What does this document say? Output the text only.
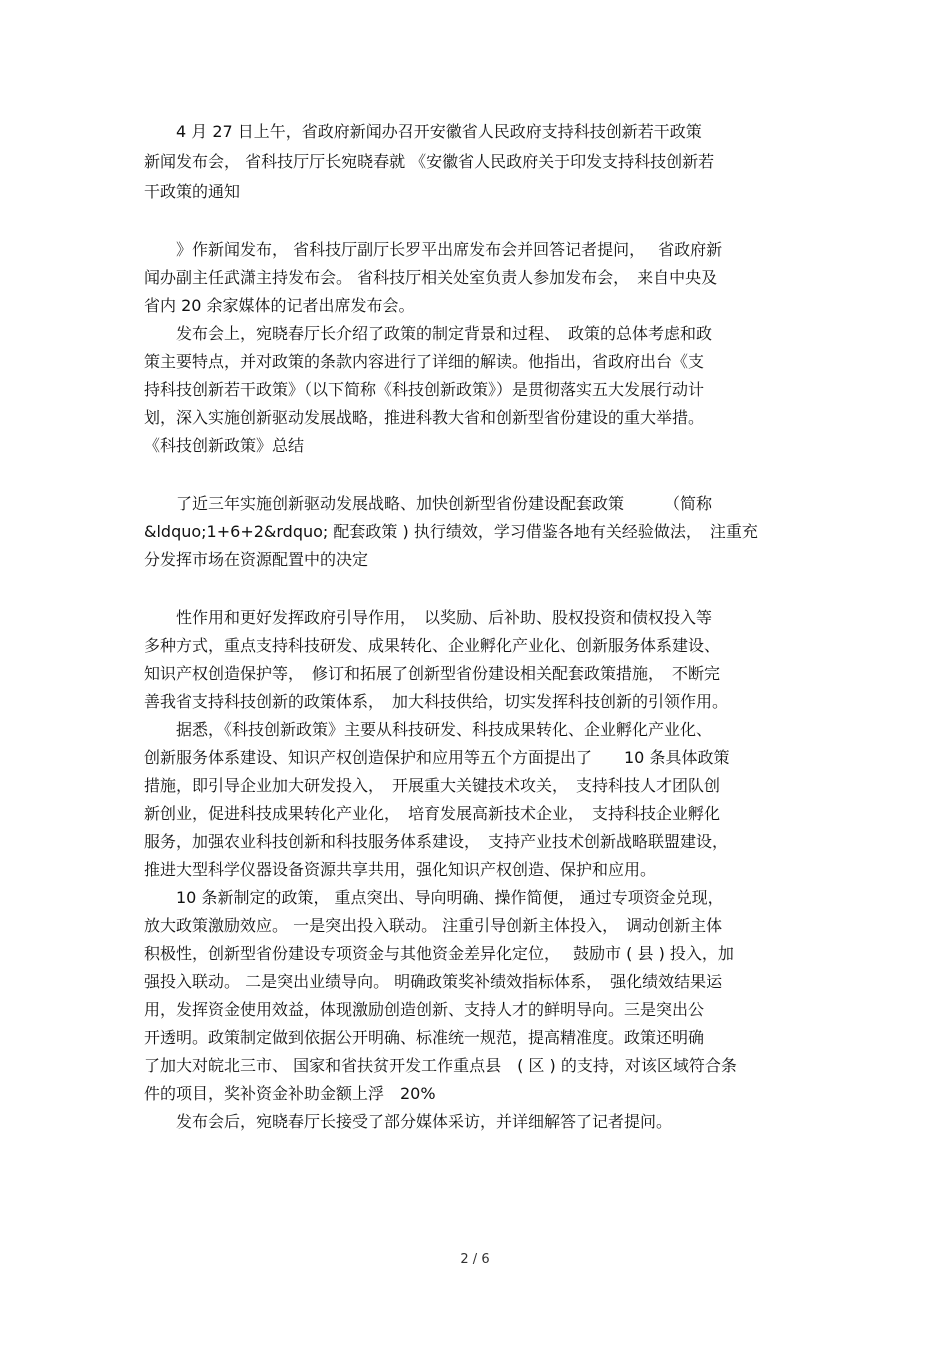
　　4 月 27 日上午，省政府新闻办召开安徽省人民政府支持科技创新若干政策
新闻发布会， 省科技厅厅长宛晓春就 《安徽省人民政府关于印发支持科技创新若
干政策的通知
　　》作新闻发布， 省科技厅副厅长罗平出席发布会并回答记者提问，　 省政府新
闻办副主任武潇主持发布会。 省科技厅相关处室负责人参加发布会，　来自中央及
省内 20 余家媒体的记者出席发布会。
　　发布会上，宛晓春厅长介绍了政策的制定背景和过程、　政策的总体考虑和政
策主要特点，并对政策的条款内容进行了详细的解读。他指出，省政府出台《支
持科技创新若干政策》（以下简称《科技创新政策》）是贯彻落实五大发展行动计
划，深入实施创新驱动发展战略，推进科教大省和创新型省份建设的重大举措。
《科技创新政策》总结
　　了近三年实施创新驱动发展战略、加快创新型省份建设配套政策　　　（简称
&ldquo;1+6+2&rdquo; 配套政策 ) 执行绩效，学习借鉴各地有关经验做法，　注重充
分发挥市场在资源配置中的决定
　　性作用和更好发挥政府引导作用，　以奖励、后补助、股权投资和债权投入等
多种方式，重点支持科技研发、成果转化、企业孵化产业化、创新服务体系建设、
知识产权创造保护等，　修订和拓展了创新型省份建设相关配套政策措施，　不断完
善我省支持科技创新的政策体系，　加大科技供给，切实发挥科技创新的引领作用。
　　据悉，《科技创新政策》主要从科技研发、科技成果转化、企业孵化产业化、
创新服务体系建设、知识产权创造保护和应用等五个方面提出了　　10 条具体政策
措施，即引导企业加大研发投入，　开展重大关键技术攻关，　支持科技人才团队创
新创业，促进科技成果转化产业化，　培育发展高新技术企业，　支持科技企业孵化
服务，加强农业科技创新和科技服务体系建设，　支持产业技术创新战略联盟建设，
推进大型科学仪器设备资源共享共用，强化知识产权创造、保护和应用。
　　10 条新制定的政策， 重点突出、导向明确、操作简便， 通过专项资金兑现，
放大政策激励效应。 一是突出投入联动。 注重引导创新主体投入，　调动创新主体
积极性，创新型省份建设专项资金与其他资金差异化定位，　 鼓励市 ( 县 ) 投入，加
强投入联动。 二是突出业绩导向。 明确政策奖补绩效指标体系，　强化绩效结果运
用，发挥资金使用效益，体现激励创造创新、支持人才的鲜明导向。三是突出公
开透明。政策制定做到依据公开明确、标准统一规范，提高精准度。政策还明确
了加大对皖北三市、 国家和省扶贫开发工作重点县　( 区 ) 的支持，对该区域符合条
件的项目，奖补资金补助金额上浮　20%
　　发布会后，宛晓春厅长接受了部分媒体采访，并详细解答了记者提问。
2 / 6
